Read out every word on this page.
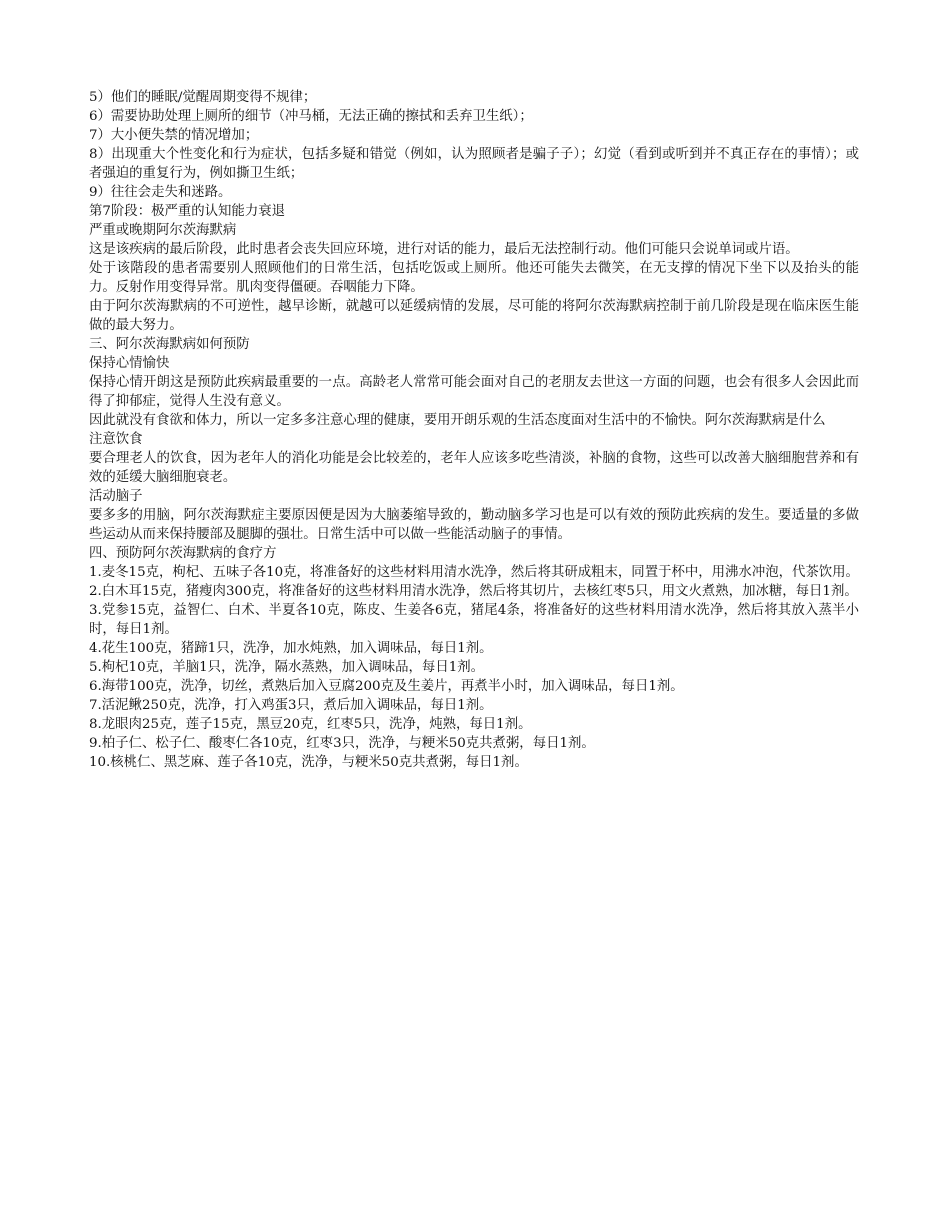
5）他们的睡眠/觉醒周期变得不规律；

6）需要协助处理上厕所的细节（冲马桶，无法正确的擦拭和丢弃卫生纸）；

7）大小便失禁的情况增加；

8）出现重大个性变化和行为症状，包括多疑和错觉（例如，认为照顾者是骗子子）；幻觉（看到或听到并不真正存在的事情）；或者强迫的重复行为，例如撕卫生纸；

9）往往会走失和迷路。

第7阶段：极严重的认知能力衰退

严重或晚期阿尔茨海默病

这是该疾病的最后阶段，此时患者会丧失回应环境，进行对话的能力，最后无法控制行动。他们可能只会说单词或片语。

处于该階段的患者需要别人照顾他们的日常生活，包括吃饭或上厕所。他还可能失去微笑，在无支撑的情况下坐下以及抬头的能力。反射作用变得异常。肌肉变得僵硬。吞咽能力下降。

由于阿尔茨海默病的不可逆性，越早诊断，就越可以延缓病情的发展，尽可能的将阿尔茨海默病控制于前几阶段是现在临床医生能做的最大努力。

三、阿尔茨海默病如何预防

保持心情愉快

保持心情开朗这是预防此疾病最重要的一点。高龄老人常常可能会面对自己的老朋友去世这一方面的问题，也会有很多人会因此而得了抑郁症，觉得人生没有意义。

因此就没有食欲和体力，所以一定多多注意心理的健康，要用开朗乐观的生活态度面对生活中的不愉快。阿尔茨海默病是什么

注意饮食

要合理老人的饮食，因为老年人的消化功能是会比较差的，老年人应该多吃些清淡，补脑的食物，这些可以改善大脑细胞营养和有效的延缓大脑细胞衰老。

活动脑子

要多多的用脑，阿尔茨海默症主要原因便是因为大脑萎缩导致的，勤动脑多学习也是可以有效的预防此疾病的发生。要适量的多做些运动从而来保持腰部及腿脚的强壮。日常生活中可以做一些能活动脑子的事情。

四、预防阿尔茨海默病的食疗方

1.麦冬15克，枸杞、五味子各10克，将准备好的这些材料用清水洗净，然后将其研成粗末，同置于杯中，用沸水冲泡，代茶饮用。

2.白木耳15克，猪瘦肉300克，将准备好的这些材料用清水洗净，然后将其切片，去核红枣5只，用文火煮熟，加冰糖，每日1剂。

3.党参15克，益智仁、白术、半夏各10克，陈皮、生姜各6克，猪尾4条，将准备好的这些材料用清水洗净，然后将其放入蒸半小时，每日1剂。

4.花生100克，猪蹄1只，洗净，加水炖熟，加入调味品，每日1剂。

5.枸杞10克，羊脑1只，洗净，隔水蒸熟，加入调味品，每日1剂。

6.海带100克，洗净，切丝，煮熟后加入豆腐200克及生姜片，再煮半小时，加入调味品，每日1剂。

7.活泥鳅250克，洗净，打入鸡蛋3只，煮后加入调味品，每日1剂。

8.龙眼肉25克，莲子15克，黑豆20克，红枣5只，洗净，炖熟，每日1剂。

9.柏子仁、松子仁、酸枣仁各10克，红枣3只，洗净，与粳米50克共煮粥，每日1剂。

10.核桃仁、黑芝麻、莲子各10克，洗净，与粳米50克共煮粥，每日1剂。
